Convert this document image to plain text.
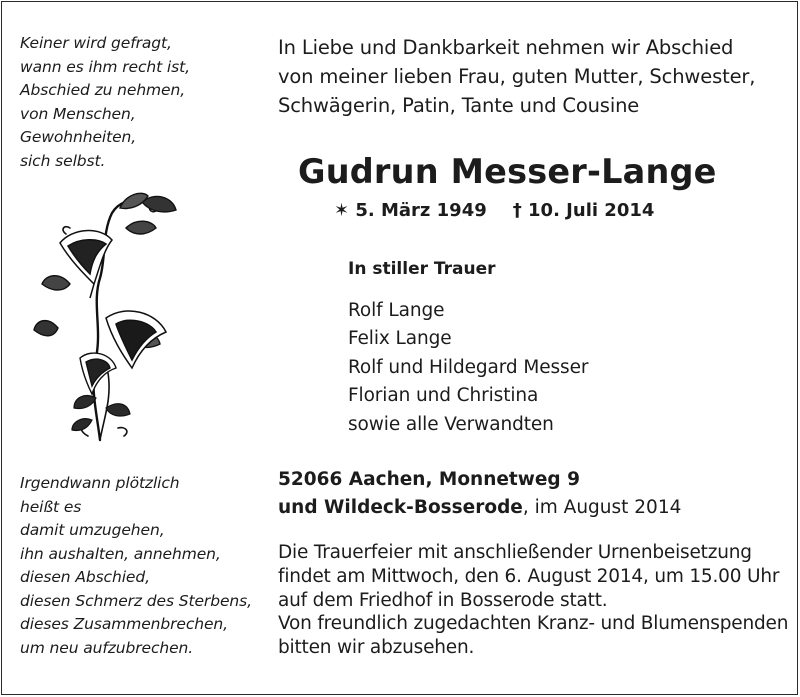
Keiner wird gefragt,
wann es ihm recht ist,
Abschied zu nehmen,
von Menschen,
Gewohnheiten,
sich selbst.
Irgendwann plötzlich
heißt es
damit umzugehen,
ihn aushalten, annehmen,
diesen Abschied,
diesen Schmerz des Sterbens,
dieses Zusammenbrechen,
um neu aufzubrechen.
In Liebe und Dankbarkeit nehmen wir Abschied
von meiner lieben Frau, guten Mutter, Schwester,
Schwägerin, Patin, Tante und Cousine
Gudrun Messer-Lange
✶ 5. März 1949 † 10. Juli 2014
In stiller Trauer
Rolf Lange
Felix Lange
Rolf und Hildegard Messer
Florian und Christina
sowie alle Verwandten
52066 Aachen, Monnetweg 9
und Wildeck-Bosserode, im August 2014
Die Trauerfeier mit anschließender Urnenbeisetzung
findet am Mittwoch, den 6. August 2014, um 15.00 Uhr
auf dem Friedhof in Bosserode statt.
Von freundlich zugedachten Kranz- und Blumenspenden
bitten wir abzusehen.
